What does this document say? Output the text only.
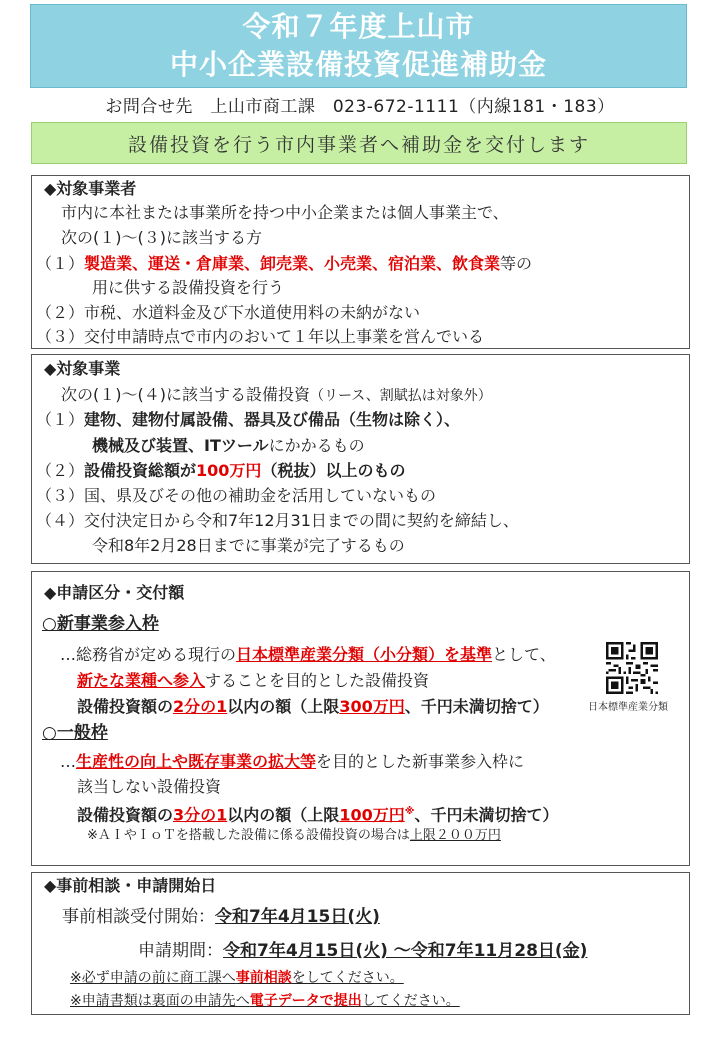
令和７年度上山市
中小企業設備投資促進補助金
お問合せ先　上山市商工課　023-672-1111（内線181・183）
設備投資を行う市内事業者へ補助金を交付します
◆対象事業者
市内に本社または事業所を持つ中小企業または個人事業主で、
次の(１)～(３)に該当する方
（１）製造業、運送・倉庫業、卸売業、小売業、宿泊業、飲食業等の
用に供する設備投資を行う
（２）市税、水道料金及び下水道使用料の未納がない
（３）交付申請時点で市内のおいて１年以上事業を営んでいる
◆対象事業
次の(１)～(４)に該当する設備投資（リース、割賦払は対象外）
（１）建物、建物付属設備、器具及び備品（生物は除く）、
機械及び装置、ITツールにかかるもの
（２）設備投資総額が100万円（税抜）以上のもの
（３）国、県及びその他の補助金を活用していないもの
（４）交付決定日から令和7年12月31日までの間に契約を締結し、
令和8年2月28日までに事業が完了するもの
◆申請区分・交付額
○新事業参入枠
…総務省が定める現行の日本標準産業分類（小分類）を基準として、
新たな業種へ参入することを目的とした設備投資
設備投資額の2分の1以内の額（上限300万円、千円未満切捨て）	日本標準産業分類
○一般枠
…生産性の向上や既存事業の拡大等を目的とした新事業参入枠に
該当しない設備投資
設備投資額の3分の1以内の額（上限100万円※、千円未満切捨て）
※ＡＩやＩｏＴを搭載した設備に係る設備投資の場合は上限２００万円
◆事前相談・申請開始日
事前相談受付開始：令和7年4月15日(火)
申請期間：令和7年4月15日(火) ～令和7年11月28日(金)
※必ず申請の前に商工課へ事前相談をしてください。
※申請書類は裏面の申請先へ電子データで提出してください。
